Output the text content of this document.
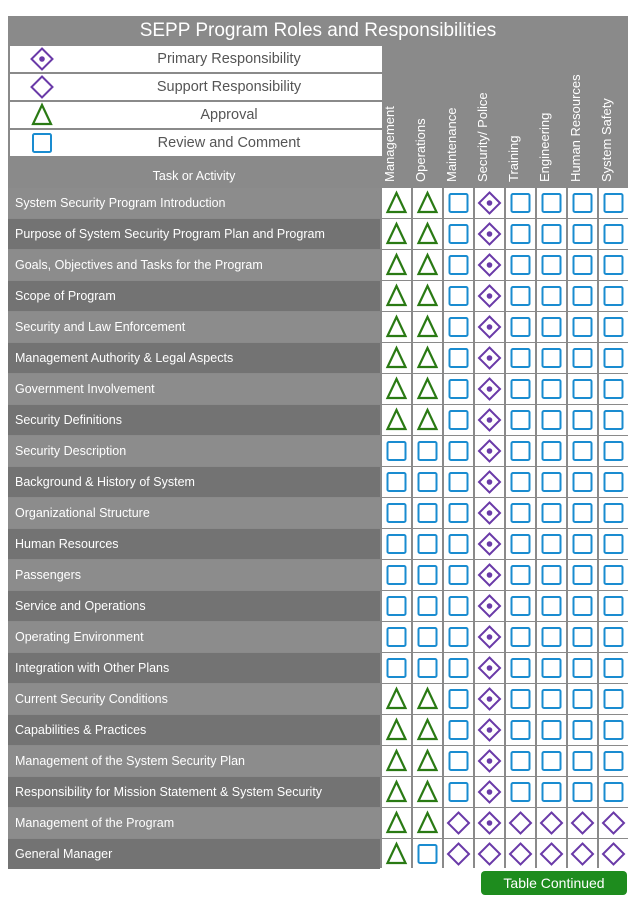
SEPP Program Roles and Responsibilities
Primary Responsibility
Support Responsibility
Approval
Review and Comment
Task or Activity	Management Operations Maintenance Security/ Police Training Engineering Human Resources System Safety
System Security Program Introduction
Purpose of System Security Program Plan and Program
Goals, Objectives and Tasks for the Program
Scope of Program
Security and Law Enforcement
Management Authority & Legal Aspects
Government Involvement
Security Definitions
Security Description
Background & History of System
Organizational Structure
Human Resources
Passengers
Service and Operations
Operating Environment
Integration with Other Plans
Current Security Conditions
Capabilities & Practices
Management of the System Security Plan
Responsibility for Mission Statement & System Security
Management of the Program
General Manager
Table Continued
